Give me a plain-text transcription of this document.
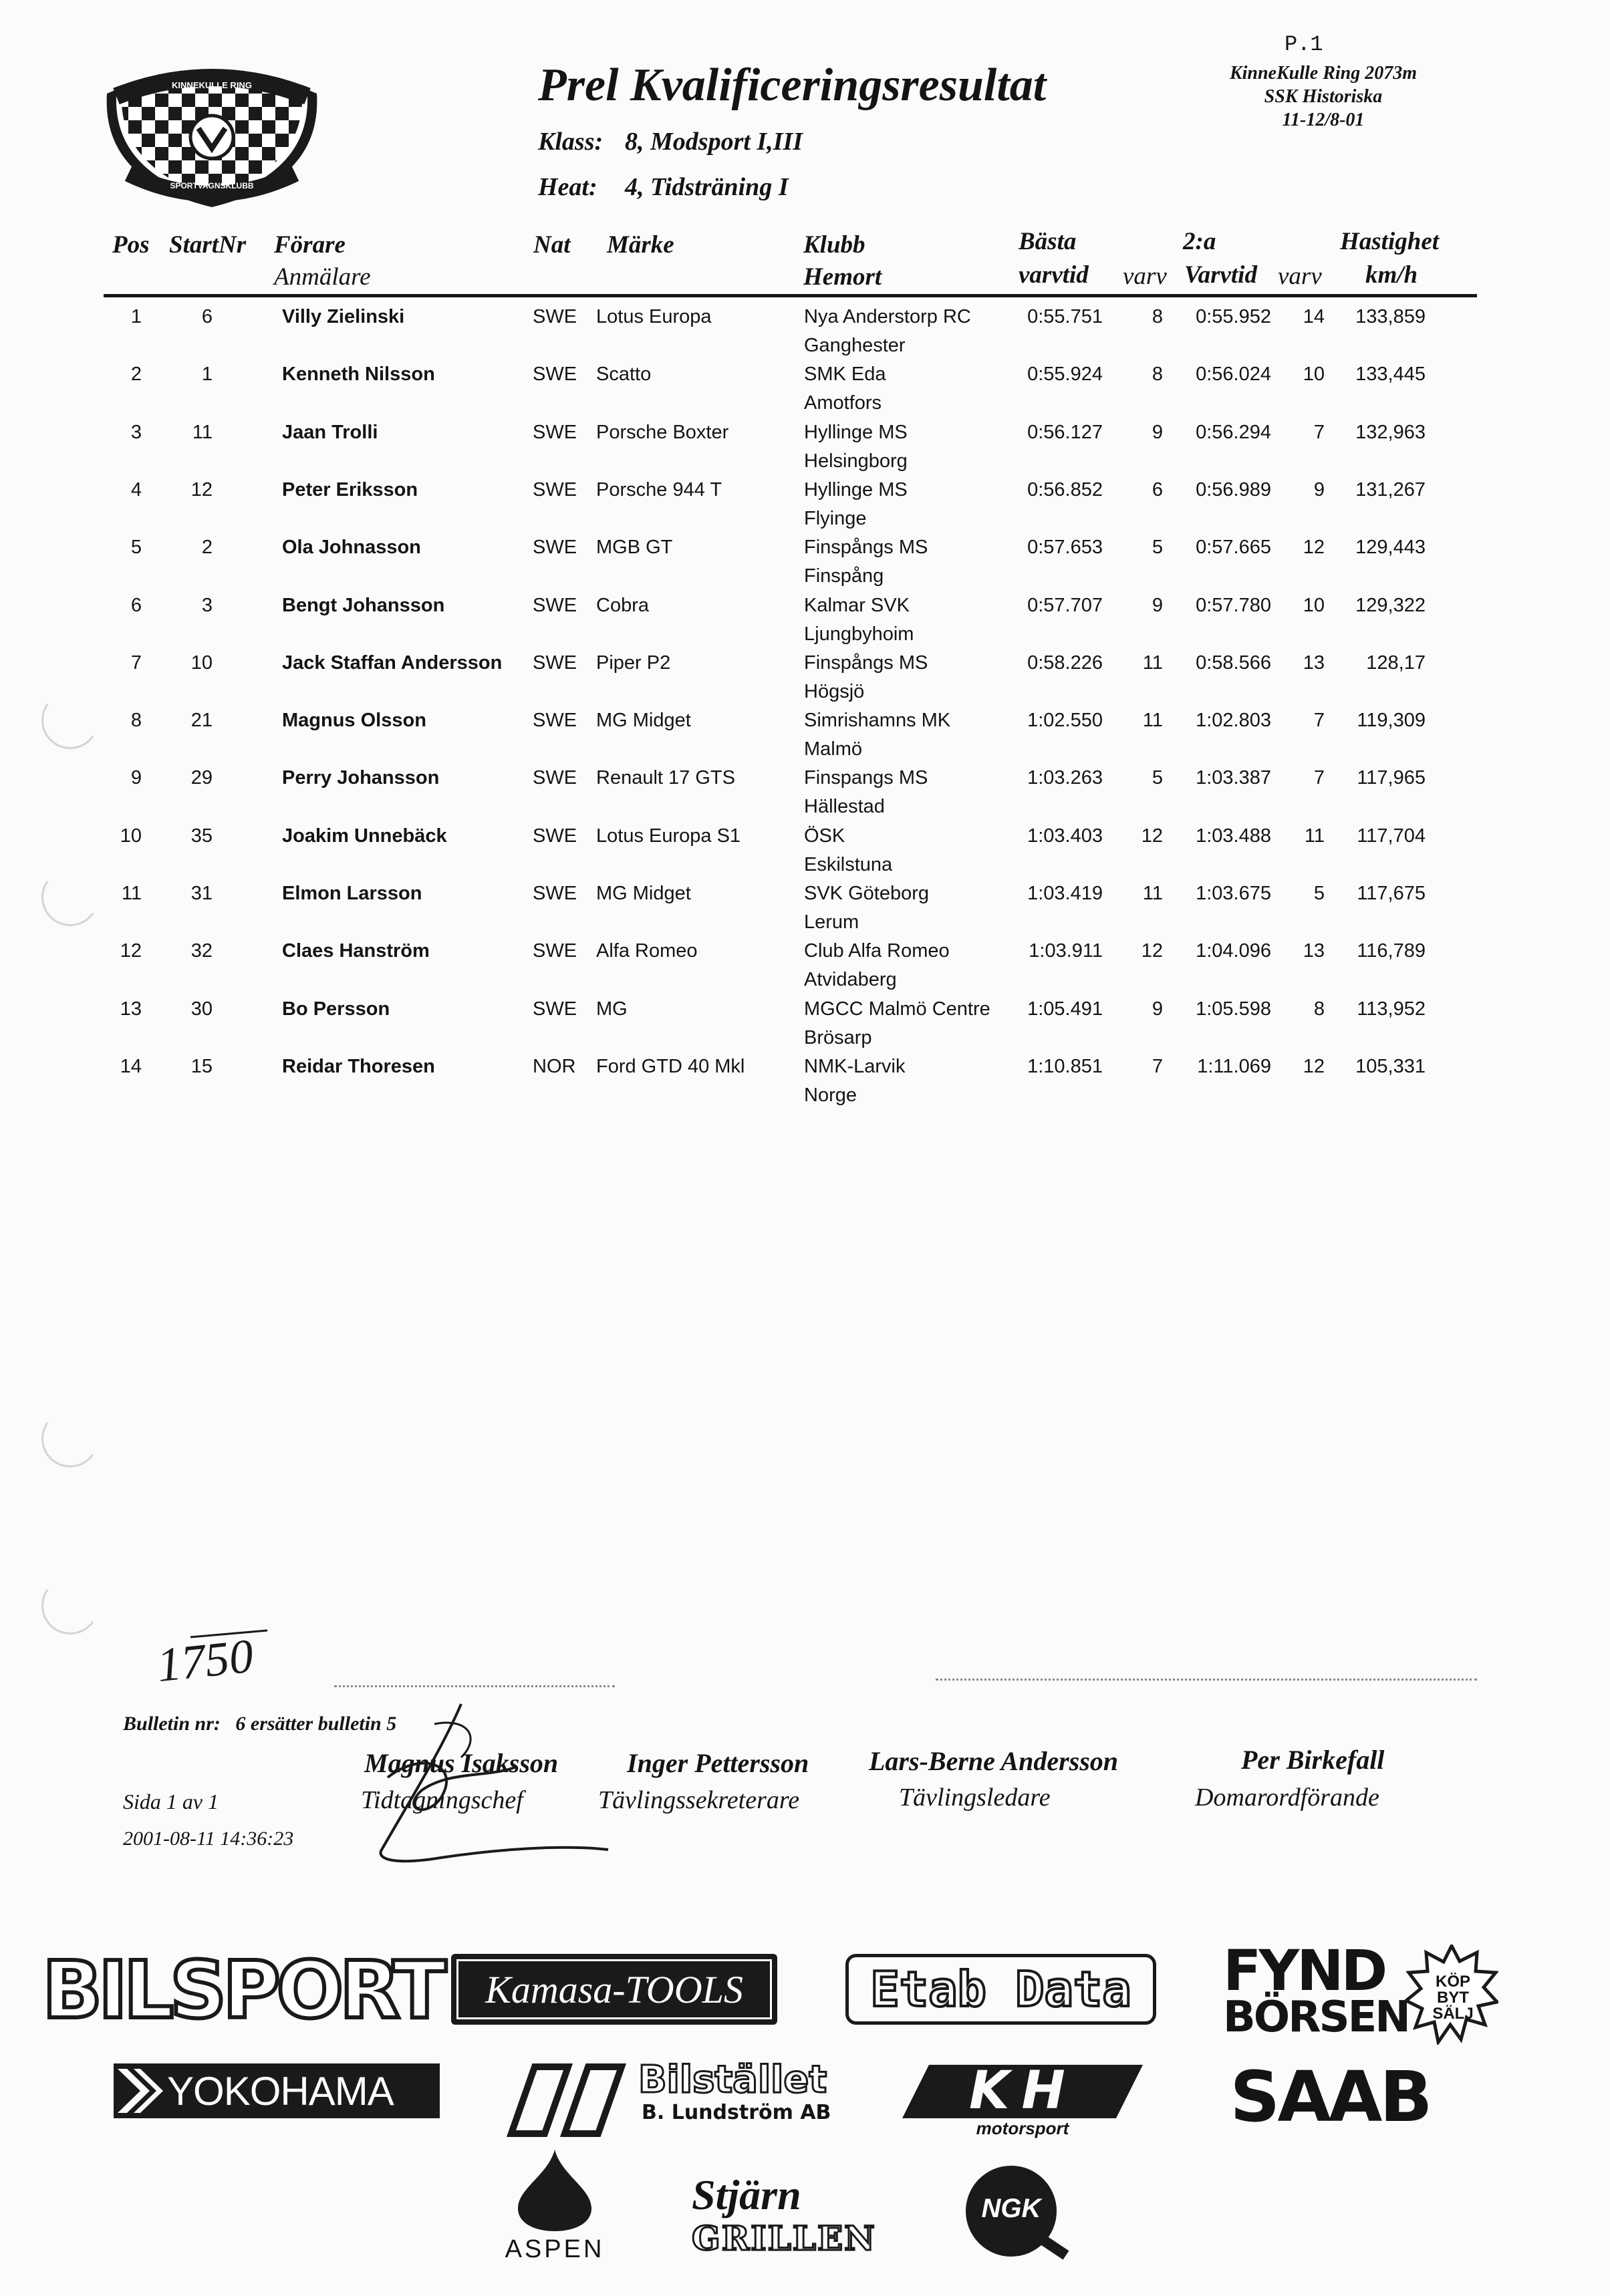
KINNEKULLE RING
SPORTVAGNSKLUBB
Prel Kvalificeringsresultat
Klass: 8, Modsport I,III
Heat: 4, Tidsträning I
P.1
KinneKulle Ring 2073m
SSK Historiska
11-12/8-01
Pos StartNr Förare
Anmälare
Nat Märke	Klubb
Hemort
Bästa
varvtid varv
2:a
Varvtid varv
Hastighet
km/h
1	6	Villy Zielinski	SWE Lotus Europa	Nya Anderstorp RC	0:55.751	8 0:55.952 14 133,859
Ganghester
2	1	Kenneth Nilsson	SWE Scatto	SMK Eda	0:55.924	8 0:56.024 10 133,445
Amotfors
3	11	Jaan Trolli	SWE Porsche Boxter	Hyllinge MS	0:56.127	9 0:56.294 7 132,963
Helsingborg
4	12	Peter Eriksson	SWE Porsche 944 T	Hyllinge MS	0:56.852	6 0:56.989 9 131,267
Flyinge
5	2	Ola Johnasson	SWE MGB GT	Finspångs MS	0:57.653	5 0:57.665 12 129,443
Finspång
6	3	Bengt Johansson	SWE Cobra	Kalmar SVK	0:57.707	9 0:57.780 10 129,322
Ljungbyhoim
7	10	Jack Staffan Andersson SWE Piper P2	Finspångs MS	0:58.226 11 0:58.566 13 128,17
Högsjö
8	21	Magnus Olsson	SWE MG Midget	Simrishamns MK	1:02.550 11 1:02.803 7 119,309
Malmö
9	29	Perry Johansson	SWE Renault 17 GTS	Finspangs MS	1:03.263	5 1:03.387 7 117,965
Hällestad
10	35	Joakim Unnebäck	SWE Lotus Europa S1	ÖSK	1:03.403 12 1:03.488 11 117,704
Eskilstuna
11	31	Elmon Larsson	SWE MG Midget	SVK Göteborg	1:03.419 11 1:03.675 5 117,675
Lerum
12	32	Claes Hanström	SWE Alfa Romeo	Club Alfa Romeo	1:03.911 12 1:04.096 13 116,789
Atvidaberg
13	30	Bo Persson	SWE MG	MGCC Malmö Centre 1:05.491	9 1:05.598 8 113,952
Brösarp
14	15	Reidar Thoresen	NOR Ford GTD 40 Mkl	NMK-Larvik	1:10.851	7 1:11.069 12 105,331
Norge
1750
Bulletin nr:   6 ersätter bulletin 5
Sida 1 av 1
2001-08-11 14:36:23
Magnus Isaksson
Tidtagningschef
Inger Pettersson
Tävlingssekreterare
Lars-Berne Andersson
Tävlingsledare
Per Birkefall
Domarordförande
BILSPORT Kamasa-TOOLS	Etab Data FYND
BÖRSEN
KÖP BYT SÄLJ
YOKOHAMA	Bilstället
B. Lundström AB	KH
motorsport	SAAB
ASPEN
Stjärn
GRILLEN
NGK
